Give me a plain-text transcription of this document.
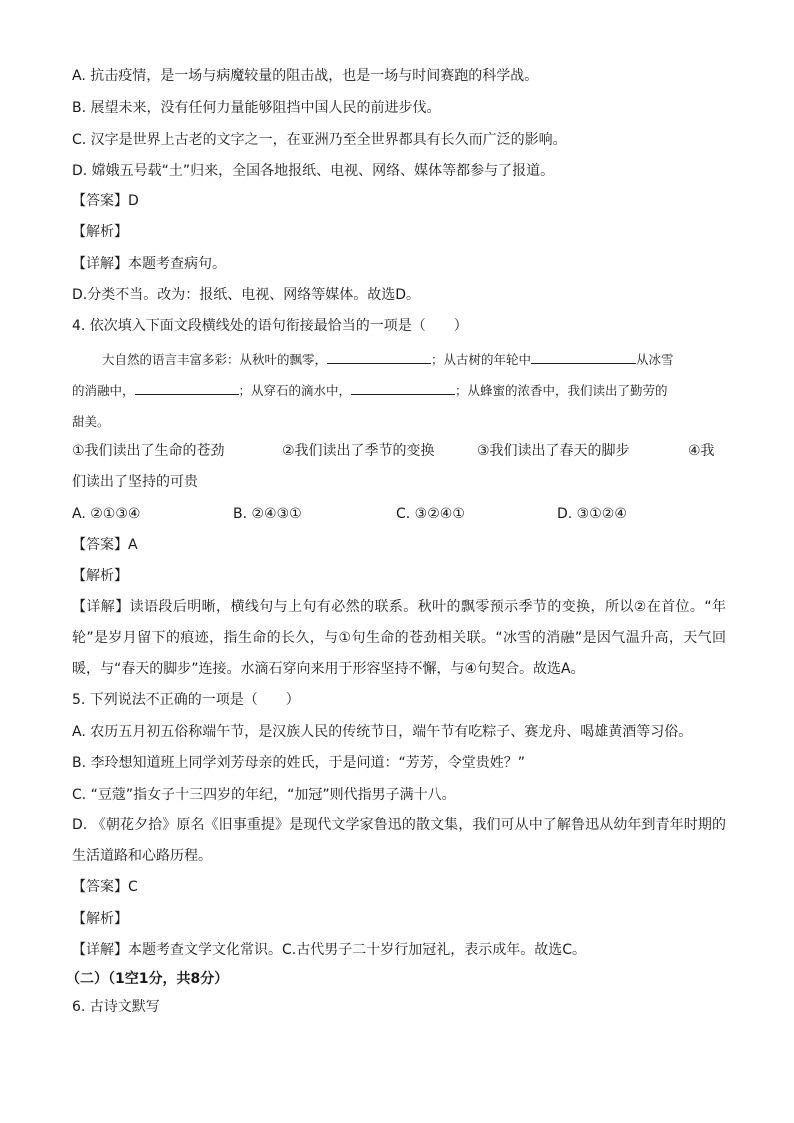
A. 抗击疫情，是一场与病魔较量的阻击战，也是一场与时间赛跑的科学战。
B. 展望未来，没有任何力量能够阻挡中国人民的前进步伐。
C. 汉字是世界上古老的文字之一，在亚洲乃至全世界都具有长久而广泛的影响。
D. 嫦娥五号载“土”归来，全国各地报纸、电视、网络、媒体等都参与了报道。
【答案】D
【解析】
【详解】本题考查病句。
D.分类不当。改为：报纸、电视、网络等媒体。故选D。
4. 依次填入下面文段横线处的语句衔接最恰当的一项是（　　）
大自然的语言丰富多彩：从秋叶的飘零，	；从古树的年轮中	从冰雪
的消融中，	；从穿石的滴水中，	；从蜂蜜的浓香中，我们读出了勤劳的
甜美。
①我们读出了生命的苍劲	②我们读出了季节的变换	③我们读出了春天的脚步	④我
们读出了坚持的可贵
A. ②①③④	B. ②④③①	C. ③②④①	D. ③①②④
【答案】A
【解析】
【详解】读语段后明晰，横线句与上句有必然的联系。秋叶的飘零预示季节的变换，所以②在首位。“年轮”是岁月留下的痕迹，指生命的长久，与①句生命的苍劲相关联。“冰雪的消融”是因气温升高，天气回暖，与“春天的脚步”连接。水滴石穿向来用于形容坚持不懈，与④句契合。故选A。
5. 下列说法不正确的一项是（　　）
A. 农历五月初五俗称端午节，是汉族人民的传统节日，端午节有吃粽子、赛龙舟、喝雄黄酒等习俗。
B. 李玲想知道班上同学刘芳母亲的姓氏，于是问道：“芳芳，令堂贵姓？”
C. “豆蔻”指女子十三四岁的年纪，“加冠”则代指男子满十八。
D. 《朝花夕拾》原名《旧事重提》是现代文学家鲁迅的散文集，我们可从中了解鲁迅从幼年到青年时期的生活道路和心路历程。
【答案】C
【解析】
【详解】本题考查文学文化常识。C.古代男子二十岁行加冠礼，表示成年。故选C。
（二）（1空1分，共8分）
6. 古诗文默写
